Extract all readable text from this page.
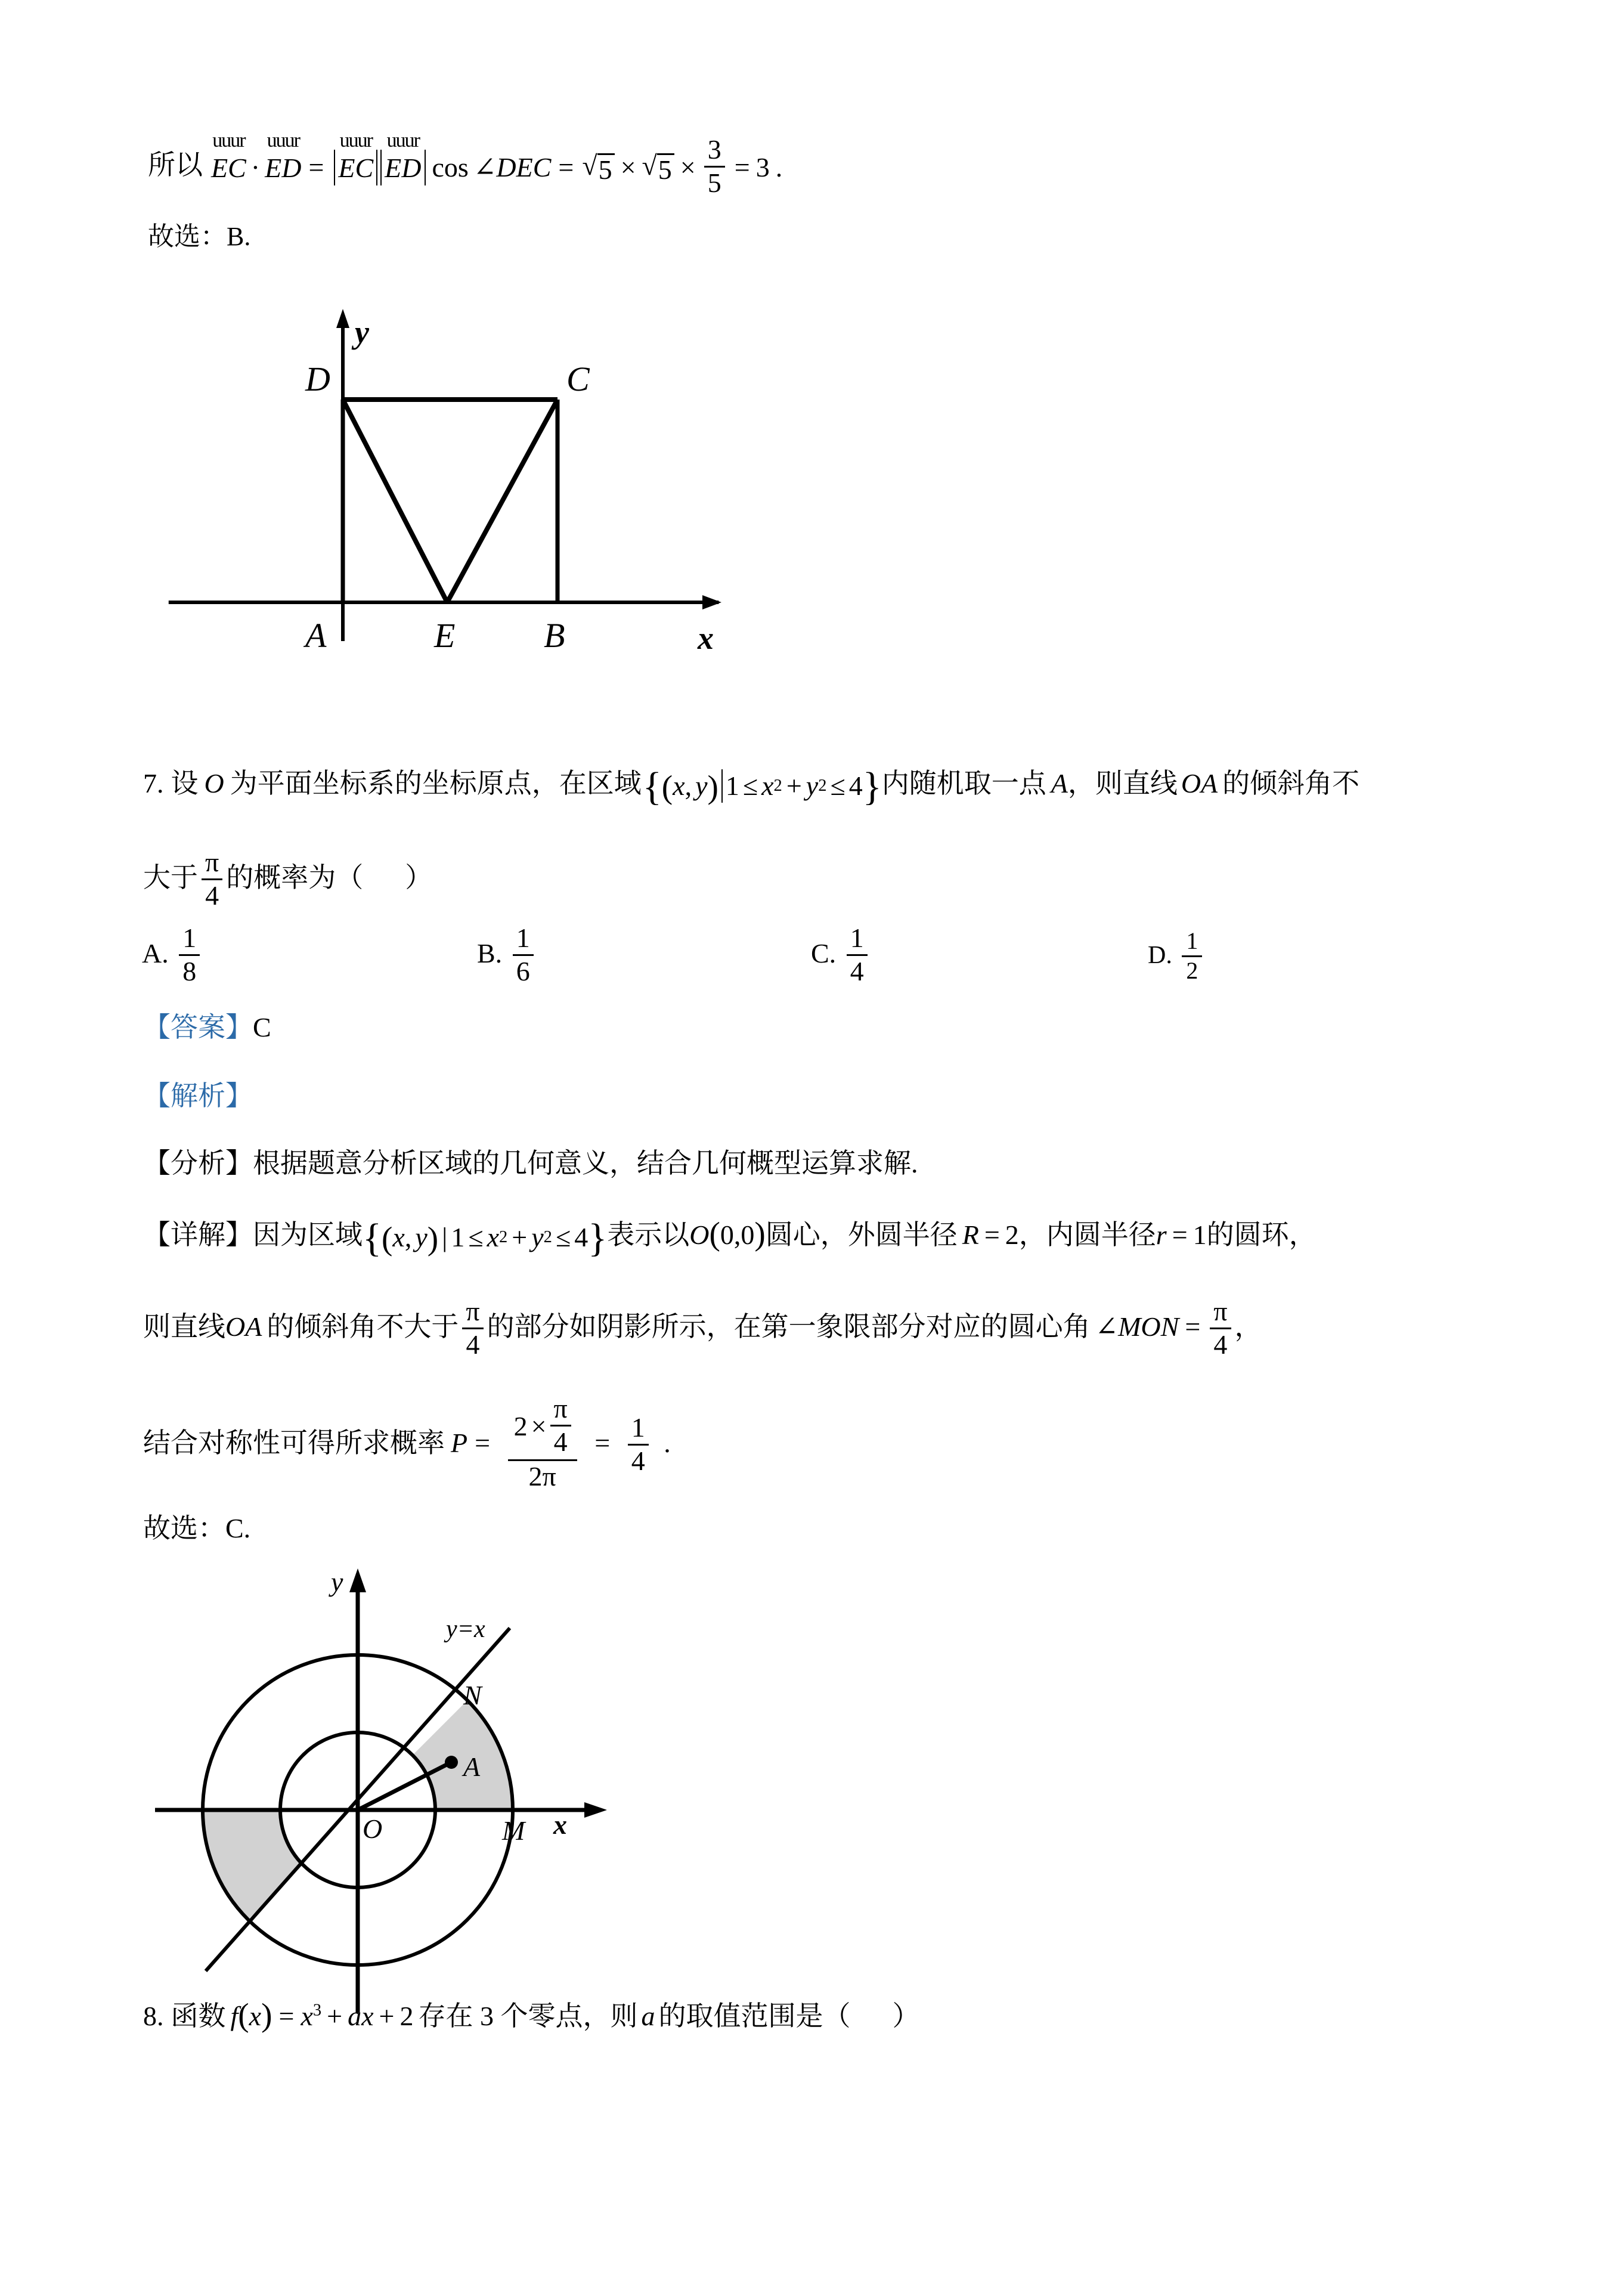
所以
uuur
EC ·
uuur
ED =
uuur
EC
uuur
ED cos ∠ DEC = √ 5 × √ $5 \times \frac{3}{5} = 3$ .
故选：B.
D	C
A	E	B
y
x
7. 设 O 为平面坐标系的坐标原点，在区域 { ( x , y ) 1 ≤ x 2 + y 2 ≤ 4 } 内随机取一点 A，则直线 OA 的倾斜角不
大于 $\frac{\pi}{4}$ 的概率为（ ）
A. $\frac{1}{8}$	B. $\frac{1}{6}$	C. $\frac{1}{4}$	D. $\frac{1}{2}$
【答案】C
【解析】
【分析】根据题意分析区域的几何意义，结合几何概型运算求解.
【详解】因为区域 { ( x , y ) | 1 ≤ x 2 + y 2 ≤ 4 } 表示以O(0,0)圆心，外圆半径 R = 2，内圆半径r = 1的圆环，
则直线OA 的倾斜角不大于 $\frac{\pi}{4}$ 的部分如阴影所示，在第一象限部分对应的圆心角 ∠MON = $\frac{\pi}{4}$ ，
结合对称性可得所求概率 $P = \frac{2 \times \frac{\pi}{4}}{2\pi} = \frac{1}{4}$ .
故选：C.
y
x
y=x
N
A
M
O
8. 函数 $f(x) = x^3$ + ax + 2 存在 3 个零点，则 a 的取值范围是（ ）
